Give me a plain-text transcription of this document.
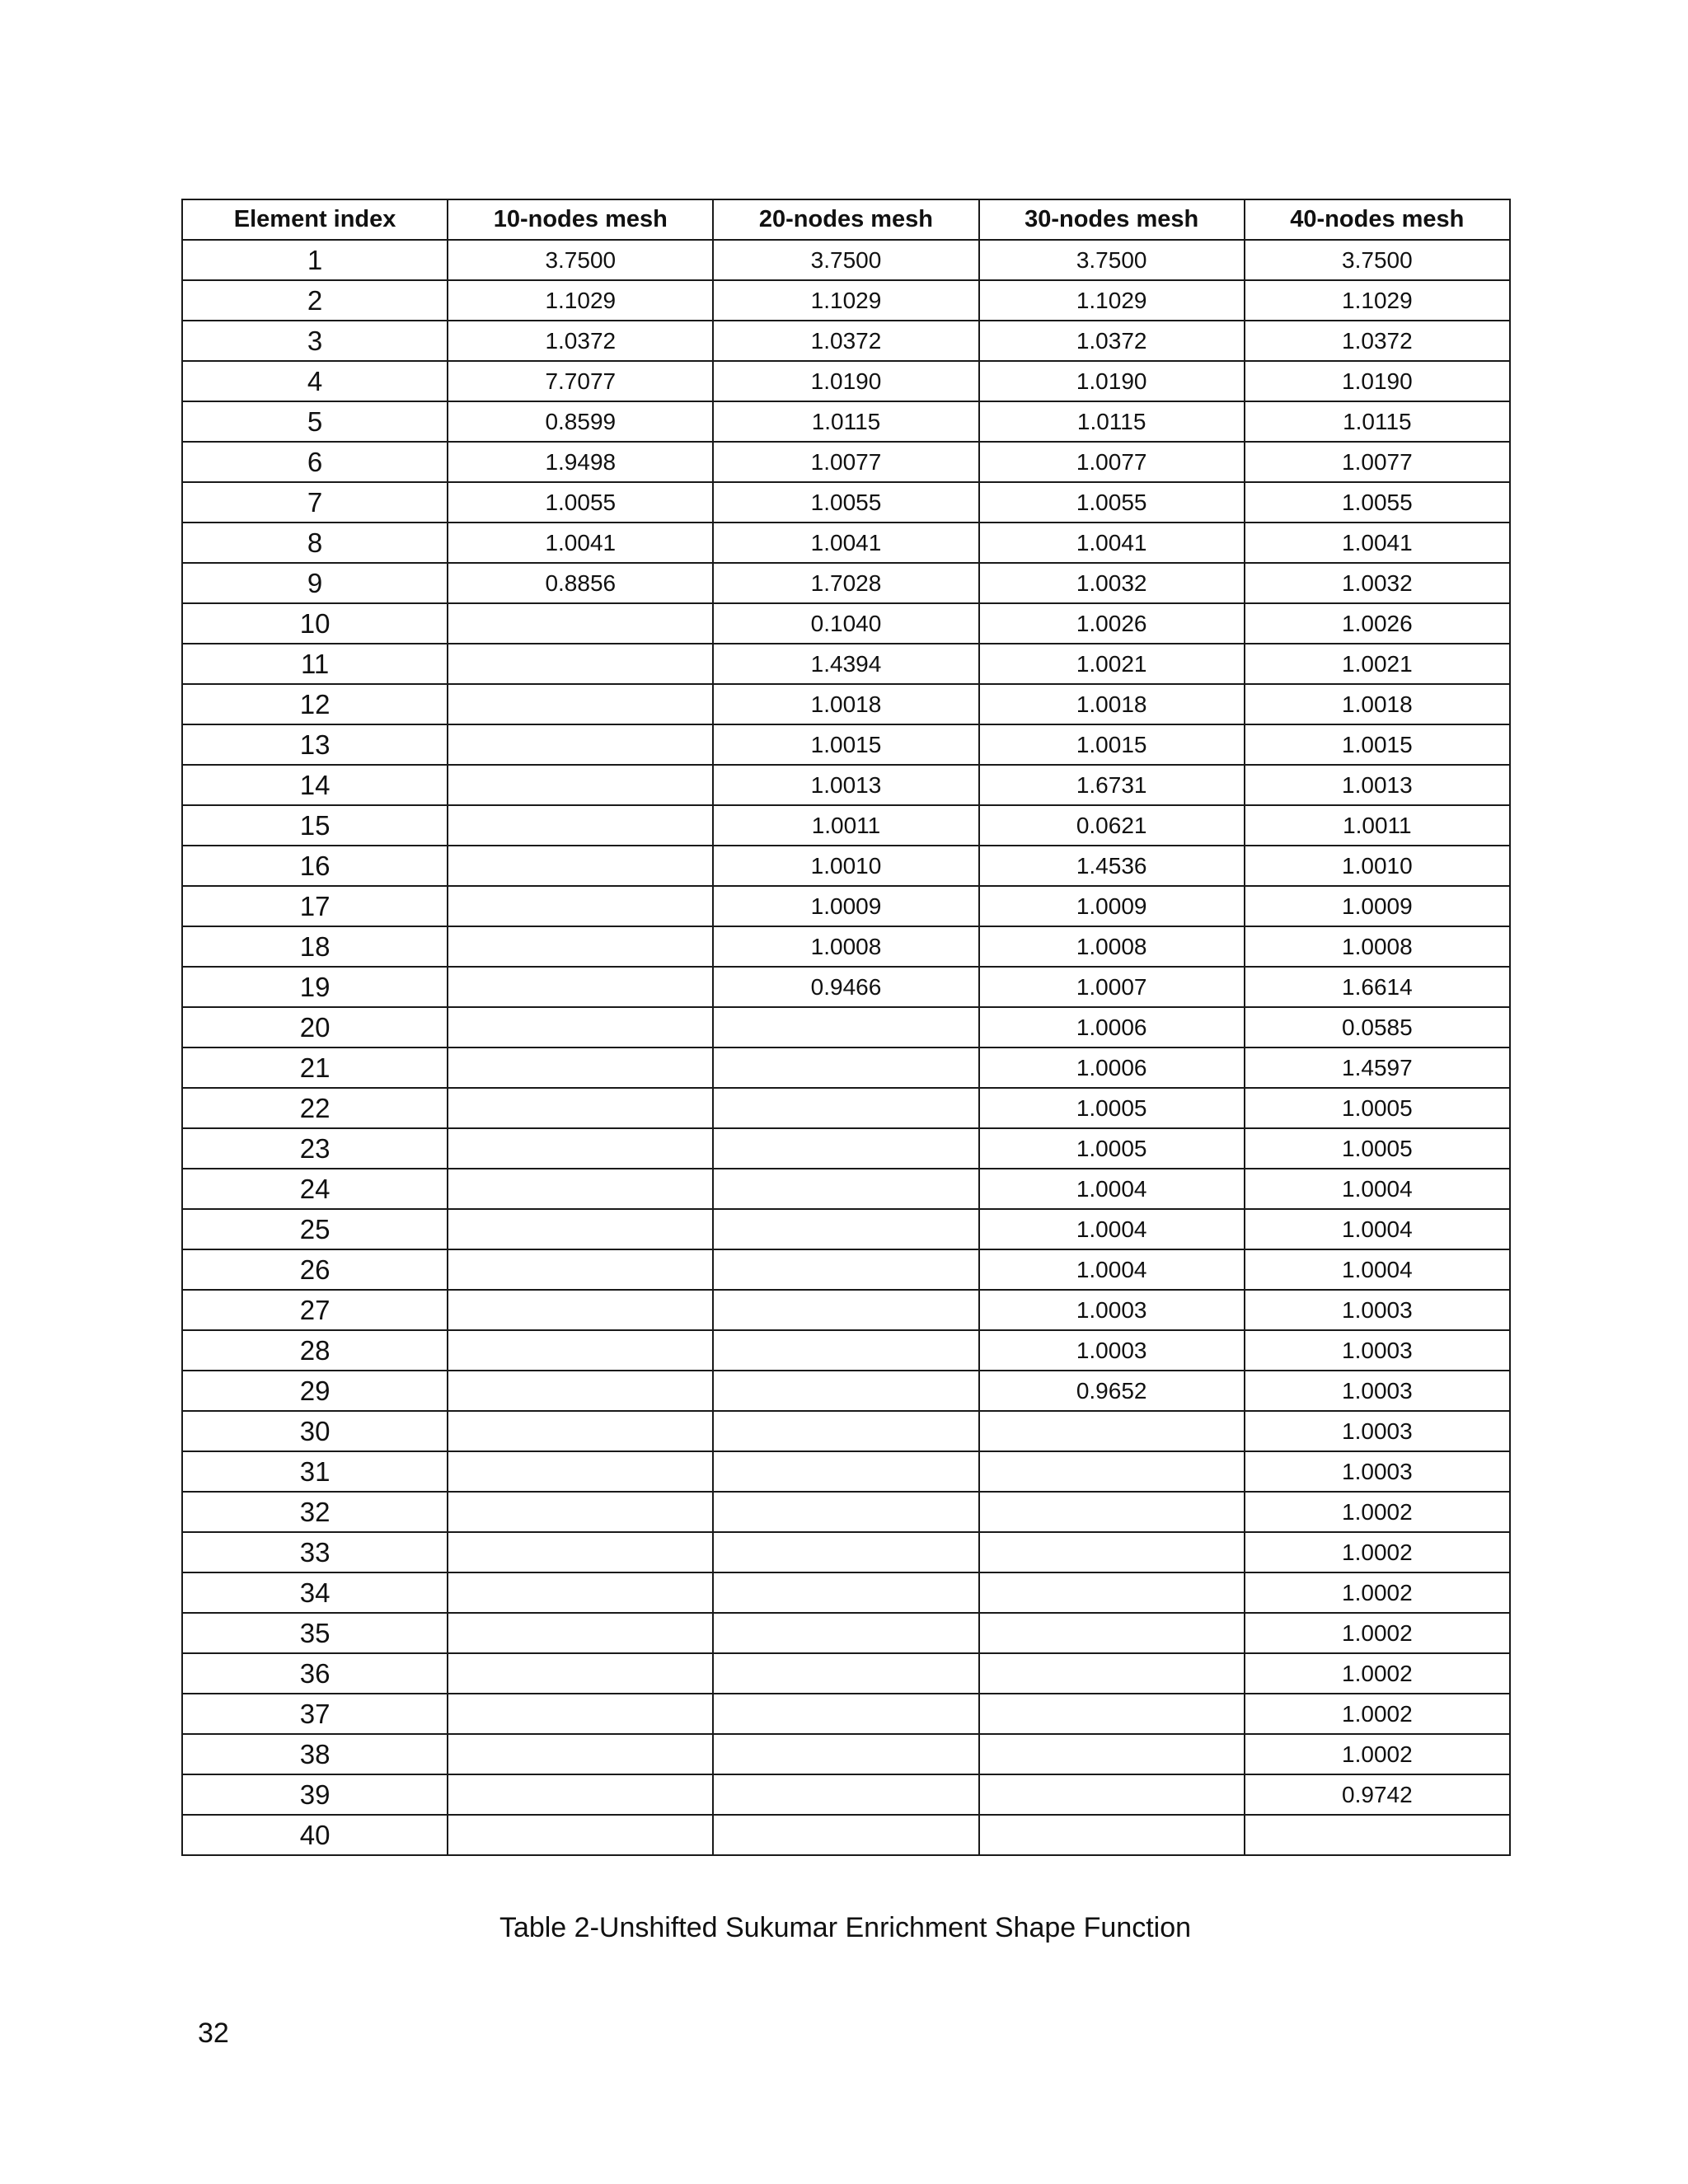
Element index	10-nodes mesh	20-nodes mesh	30-nodes mesh	40-nodes mesh
1	3.7500	3.7500	3.7500	3.7500
2	1.1029	1.1029	1.1029	1.1029
3	1.0372	1.0372	1.0372	1.0372
4	7.7077	1.0190	1.0190	1.0190
5	0.8599	1.0115	1.0115	1.0115
6	1.9498	1.0077	1.0077	1.0077
7	1.0055	1.0055	1.0055	1.0055
8	1.0041	1.0041	1.0041	1.0041
9	0.8856	1.7028	1.0032	1.0032
10		0.1040	1.0026	1.0026
11		1.4394	1.0021	1.0021
12		1.0018	1.0018	1.0018
13		1.0015	1.0015	1.0015
14		1.0013	1.6731	1.0013
15		1.0011	0.0621	1.0011
16		1.0010	1.4536	1.0010
17		1.0009	1.0009	1.0009
18		1.0008	1.0008	1.0008
19		0.9466	1.0007	1.6614
20			1.0006	0.0585
21			1.0006	1.4597
22			1.0005	1.0005
23			1.0005	1.0005
24			1.0004	1.0004
25			1.0004	1.0004
26			1.0004	1.0004
27			1.0003	1.0003
28			1.0003	1.0003
29			0.9652	1.0003
30				1.0003
31				1.0003
32				1.0002
33				1.0002
34				1.0002
35				1.0002
36				1.0002
37				1.0002
38				1.0002
39				0.9742
40				
Table 2-Unshifted Sukumar Enrichment Shape Function
32
